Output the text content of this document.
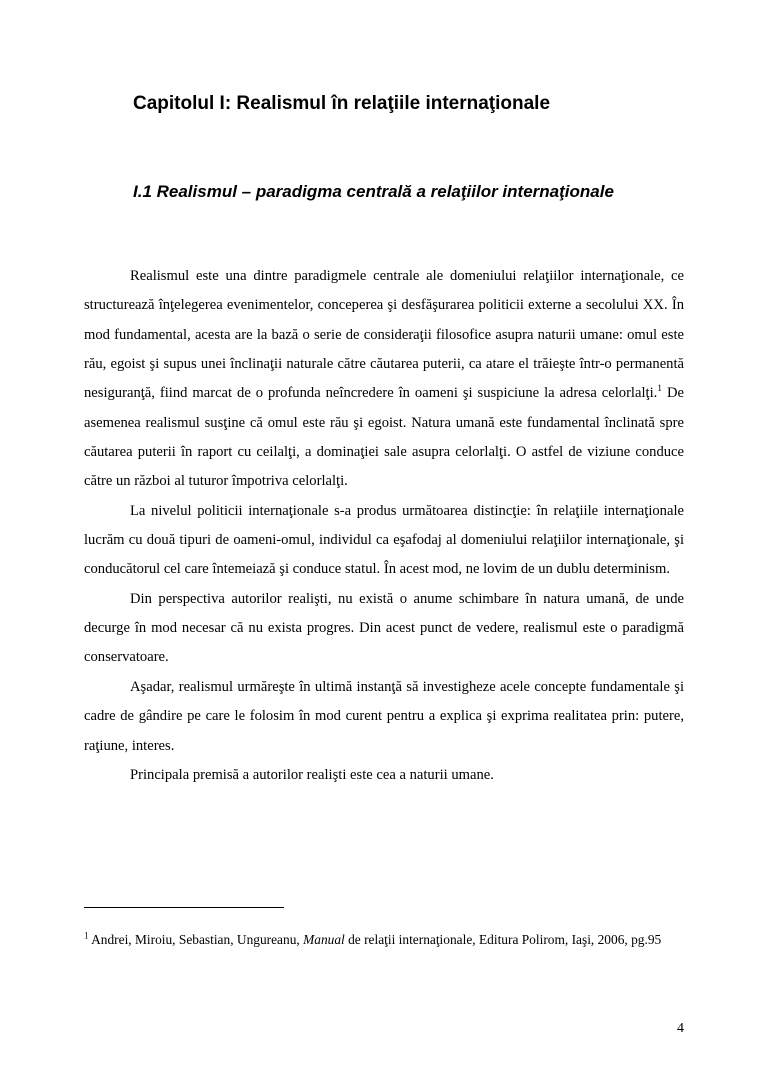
Capitolul I: Realismul în relaţiile internaţionale
I.1 Realismul – paradigma centrală a relaţiilor internaţionale

Realismul este una dintre paradigmele centrale ale domeniului relaţiilor internaţionale, ce structurează înţelegerea evenimentelor, conceperea şi desfăşurarea politicii externe a secolului XX. În mod fundamental, acesta are la bază o serie de consideraţii filosofice asupra naturii umane: omul este rău, egoist şi supus unei înclinaţii naturale către căutarea puterii, ca atare el trăieşte într-o permanentă nesiguranţă, fiind marcat de o profunda neîncredere în oameni şi suspiciune la adresa celorlalţi.$^1$ De asemenea realismul susţine că omul este rău şi egoist. Natura umană este fundamental înclinată spre căutarea puterii în raport cu ceilalţi, a dominaţiei sale asupra celorlalţi. O astfel de viziune conduce către un război al tuturor împotriva celorlalţi.

La nivelul politicii internaţionale s-a produs următoarea distincţie: în relaţiile internaţionale lucrăm cu două tipuri de oameni-omul, individul ca eşafodaj al domeniului relaţiilor internaţionale, şi conducătorul cel care întemeiază şi conduce statul. În acest mod, ne lovim de un dublu determinism.

Din perspectiva autorilor realişti, nu există o anume schimbare în natura umană, de unde decurge în mod necesar că nu exista progres. Din acest punct de vedere, realismul este o paradigmă conservatoare.

Aşadar, realismul urmăreşte în ultimă instanţă să investigheze acele concepte fundamentale şi cadre de gândire pe care le folosim în mod curent pentru a explica şi exprima realitatea prin: putere, raţiune, interes.

Principala premisă a autorilor realişti este cea a naturii umane.

$^1$ Andrei, Miroiu, Sebastian, Ungureanu, Manual de relaţii internaţionale, Editura Polirom, Iaşi, 2006, pg.95
4
